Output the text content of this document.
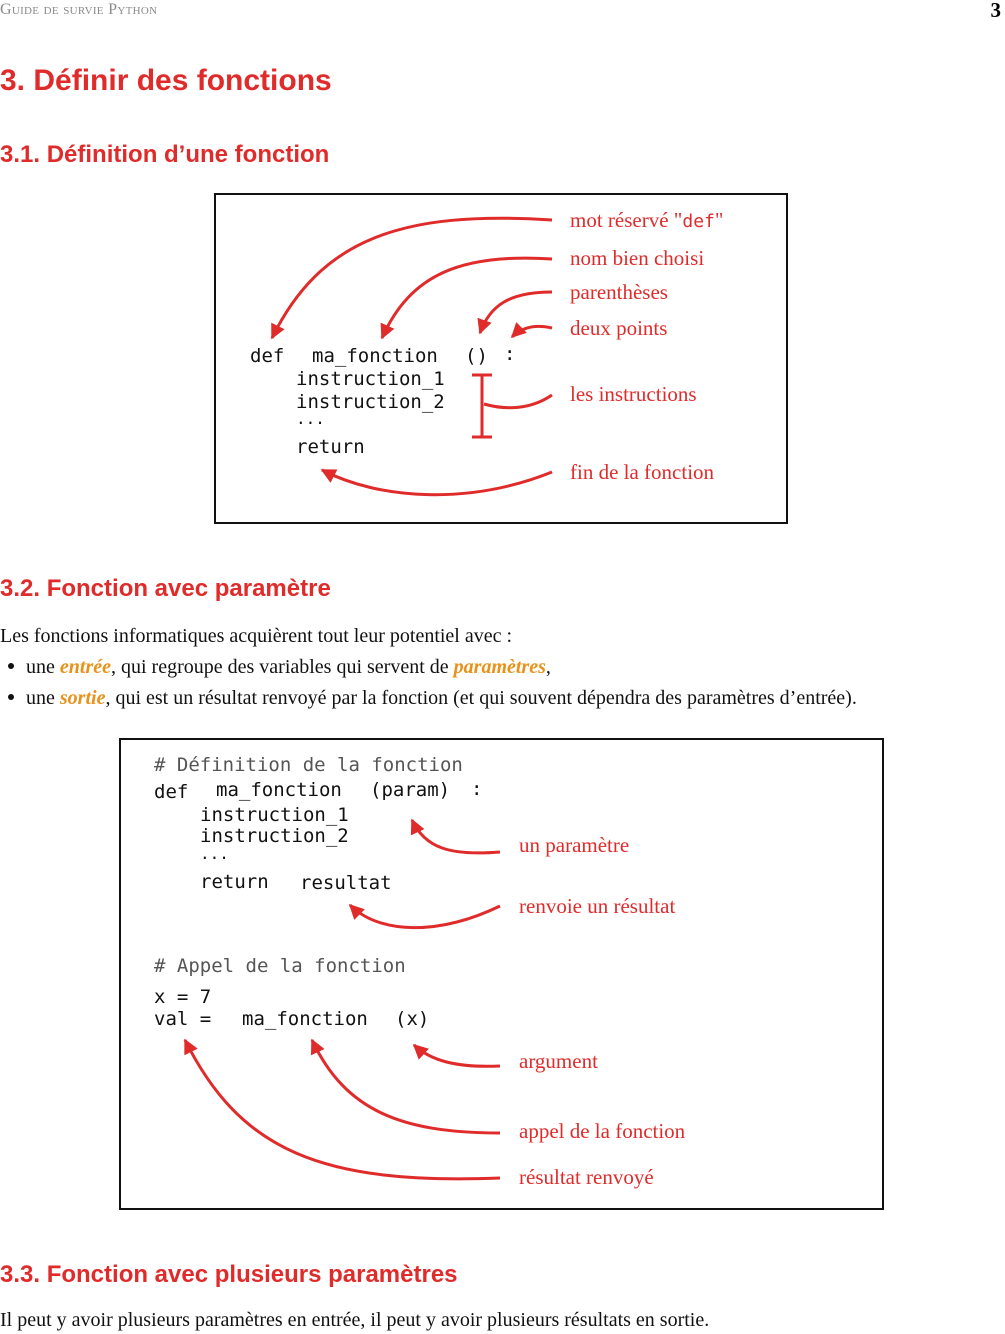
Guide de survie Python	3
3. Définir des fonctions
3.1. Définition d’une fonction
def ma_fonction () :
instruction_1
instruction_2
...
return
mot réservé "def"
nom bien choisi
parenthèses
deux points
les instructions
fin de la fonction
3.2. Fonction avec paramètre
Les fonctions informatiques acquièrent tout leur potentiel avec :
une entrée, qui regroupe des variables qui servent de paramètres,
une sortie, qui est un résultat renvoyé par la fonction (et qui souvent dépendra des paramètres d’entrée).
# Définition de la fonction
def ma_fonction (param) :
instruction_1
instruction_2
...
return resultat
# Appel de la fonction
x = 7
val = ma_fonction (x)
un paramètre
renvoie un résultat
argument
appel de la fonction
résultat renvoyé
3.3. Fonction avec plusieurs paramètres
Il peut y avoir plusieurs paramètres en entrée, il peut y avoir plusieurs résultats en sortie.
